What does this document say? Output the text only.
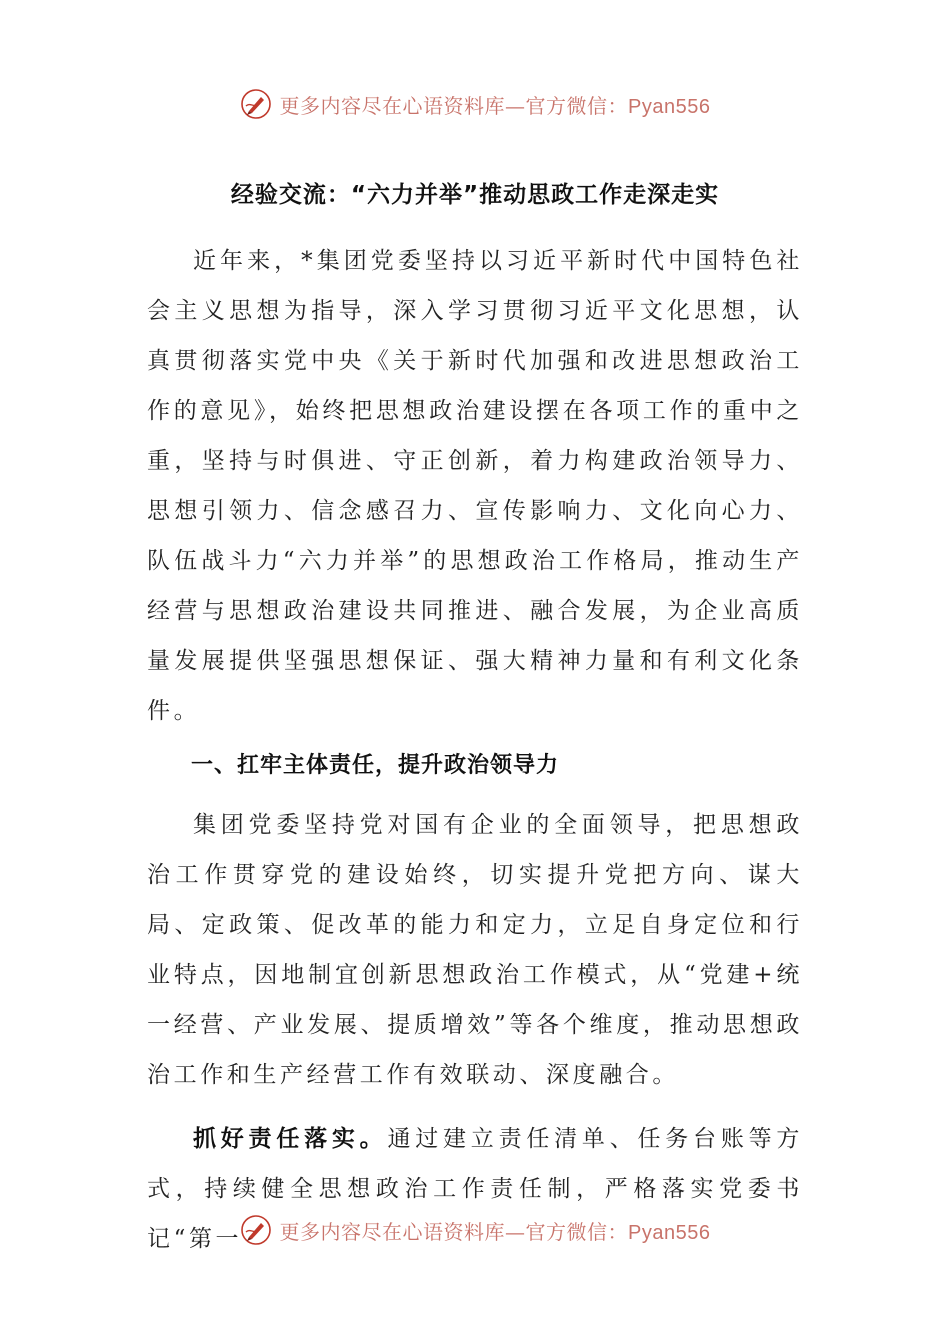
更多内容尽在心语资料库—官方微信：Pyan556
经验交流：“六力并举”推动思政工作走深走实

近年来，*集团党委坚持以习近平新时代中国特色社会主义思想为指导，深入学习贯彻习近平文化思想，认真贯彻落实党中央《关于新时代加强和改进思想政治工作的意见》，始终把思想政治建设摆在各项工作的重中之重，坚持与时俱进、守正创新，着力构建政治领导力、思想引领力、信念感召力、宣传影响力、文化向心力、队伍战斗力“六力并举”的思想政治工作格局，推动生产经营与思想政治建设共同推进、融合发展，为企业高质量发展提供坚强思想保证、强大精神力量和有利文化条件。

一、扛牢主体责任，提升政治领导力

集团党委坚持党对国有企业的全面领导，把思想政治工作贯穿党的建设始终，切实提升党把方向、谋大局、定政策、促改革的能力和定力，立足自身定位和行业特点，因地制宜创新思想政治工作模式，从“党建+统一经营、产业发展、提质增效”等各个维度，推动思想政治工作和生产经营工作有效联动、深度融合。

抓好责任落实。通过建立责任清单、任务台账等方式，持续健全思想政治工作责任制，严格落实党委书记“第一	更多内容尽在心语资料库—官方微信：Pyan556
